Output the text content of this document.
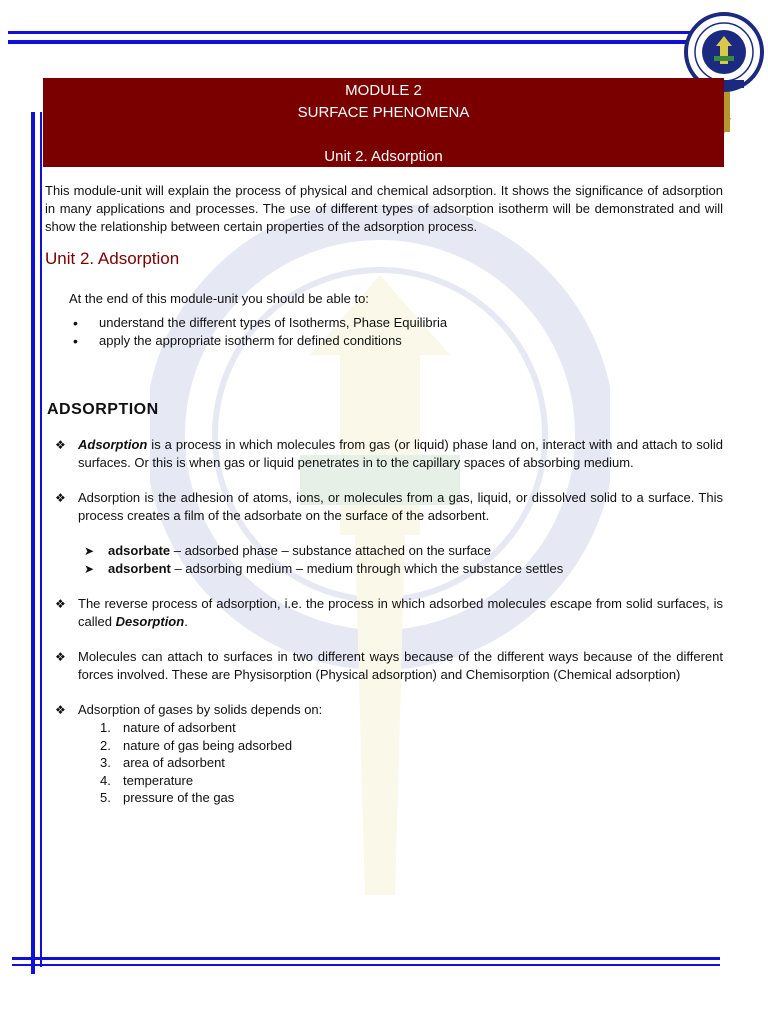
MODULE 2
SURFACE PHENOMENA
Unit 2. Adsorption

This module-unit will explain the process of physical and chemical adsorption. It shows the significance of adsorption in many applications and processes. The use of different types of adsorption isotherm will be demonstrated and will show the relationship between certain properties of the adsorption process.

Unit 2. Adsorption

At the end of this module-unit you should be able to:

• understand the different types of Isotherms, Phase Equilibria
• apply the appropriate isotherm for defined conditions
ADSORPTION
❖ Adsorption is a process in which molecules from gas (or liquid) phase land on, interact with and attach to solid surfaces. Or this is when gas or liquid penetrates in to the capillary spaces of absorbing medium.
❖ Adsorption is the adhesion of atoms, ions, or molecules from a gas, liquid, or dissolved solid to a surface. This process creates a film of the adsorbate on the surface of the adsorbent.
➤ adsorbate – adsorbed phase – substance attached on the surface
➤ adsorbent – adsorbing medium – medium through which the substance settles
❖ The reverse process of adsorption, i.e. the process in which adsorbed molecules escape from solid surfaces, is called Desorption.
❖ Molecules can attach to surfaces in two different ways because of the different ways because of the different forces involved. These are Physisorption (Physical adsorption) and Chemisorption (Chemical adsorption)
❖ Adsorption of gases by solids depends on:
1. nature of adsorbent
2. nature of gas being adsorbed
3. area of adsorbent
4. temperature
5. pressure of the gas
